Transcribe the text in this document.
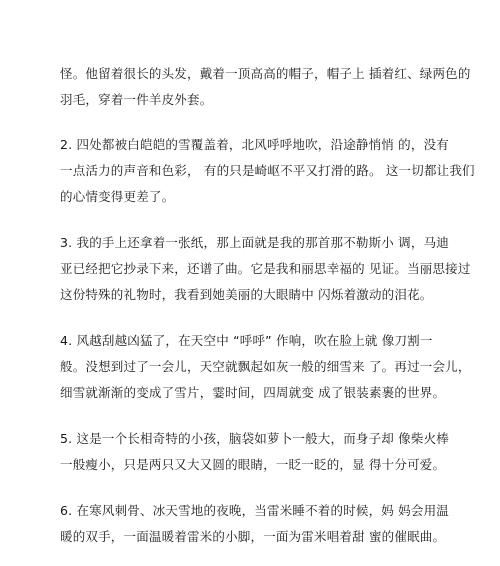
怪。他留着很长的头发，戴着一顶高高的帽子，帽子上 插着红、绿两色的
羽毛，穿着一件羊皮外套。
2. 四处都被白皑皑的雪覆盖着，北风呼呼地吹，沿途静悄悄 的，没有
一点活力的声音和色彩， 有的只是崎岖不平又打滑的路。 这一切都让我们
的心情变得更差了。
3. 我的手上还拿着一张纸，那上面就是我的那首那不勒斯小 调，马迪
亚已经把它抄录下来，还谱了曲。它是我和丽思幸福的 见证。当丽思接过
这份特殊的礼物时，我看到她美丽的大眼睛中 闪烁着激动的泪花。
4. 风越刮越凶猛了，在天空中 “呼呼” 作响，吹在脸上就 像刀割一
般。没想到过了一会儿，天空就飘起如灰一般的细雪来 了。再过一会儿，
细雪就渐渐的变成了雪片，霎时间，四周就变 成了银装素裹的世界。
5. 这是一个长相奇特的小孩，脑袋如萝卜一般大，而身子却 像柴火棒
一般瘦小，只是两只又大又圆的眼睛，一眨一眨的，显 得十分可爱。
6. 在寒风刺骨、冰天雪地的夜晚，当雷米睡不着的时候，妈 妈会用温
暖的双手，一面温暖着雷米的小脚，一面为雷米唱着甜 蜜的催眠曲。
